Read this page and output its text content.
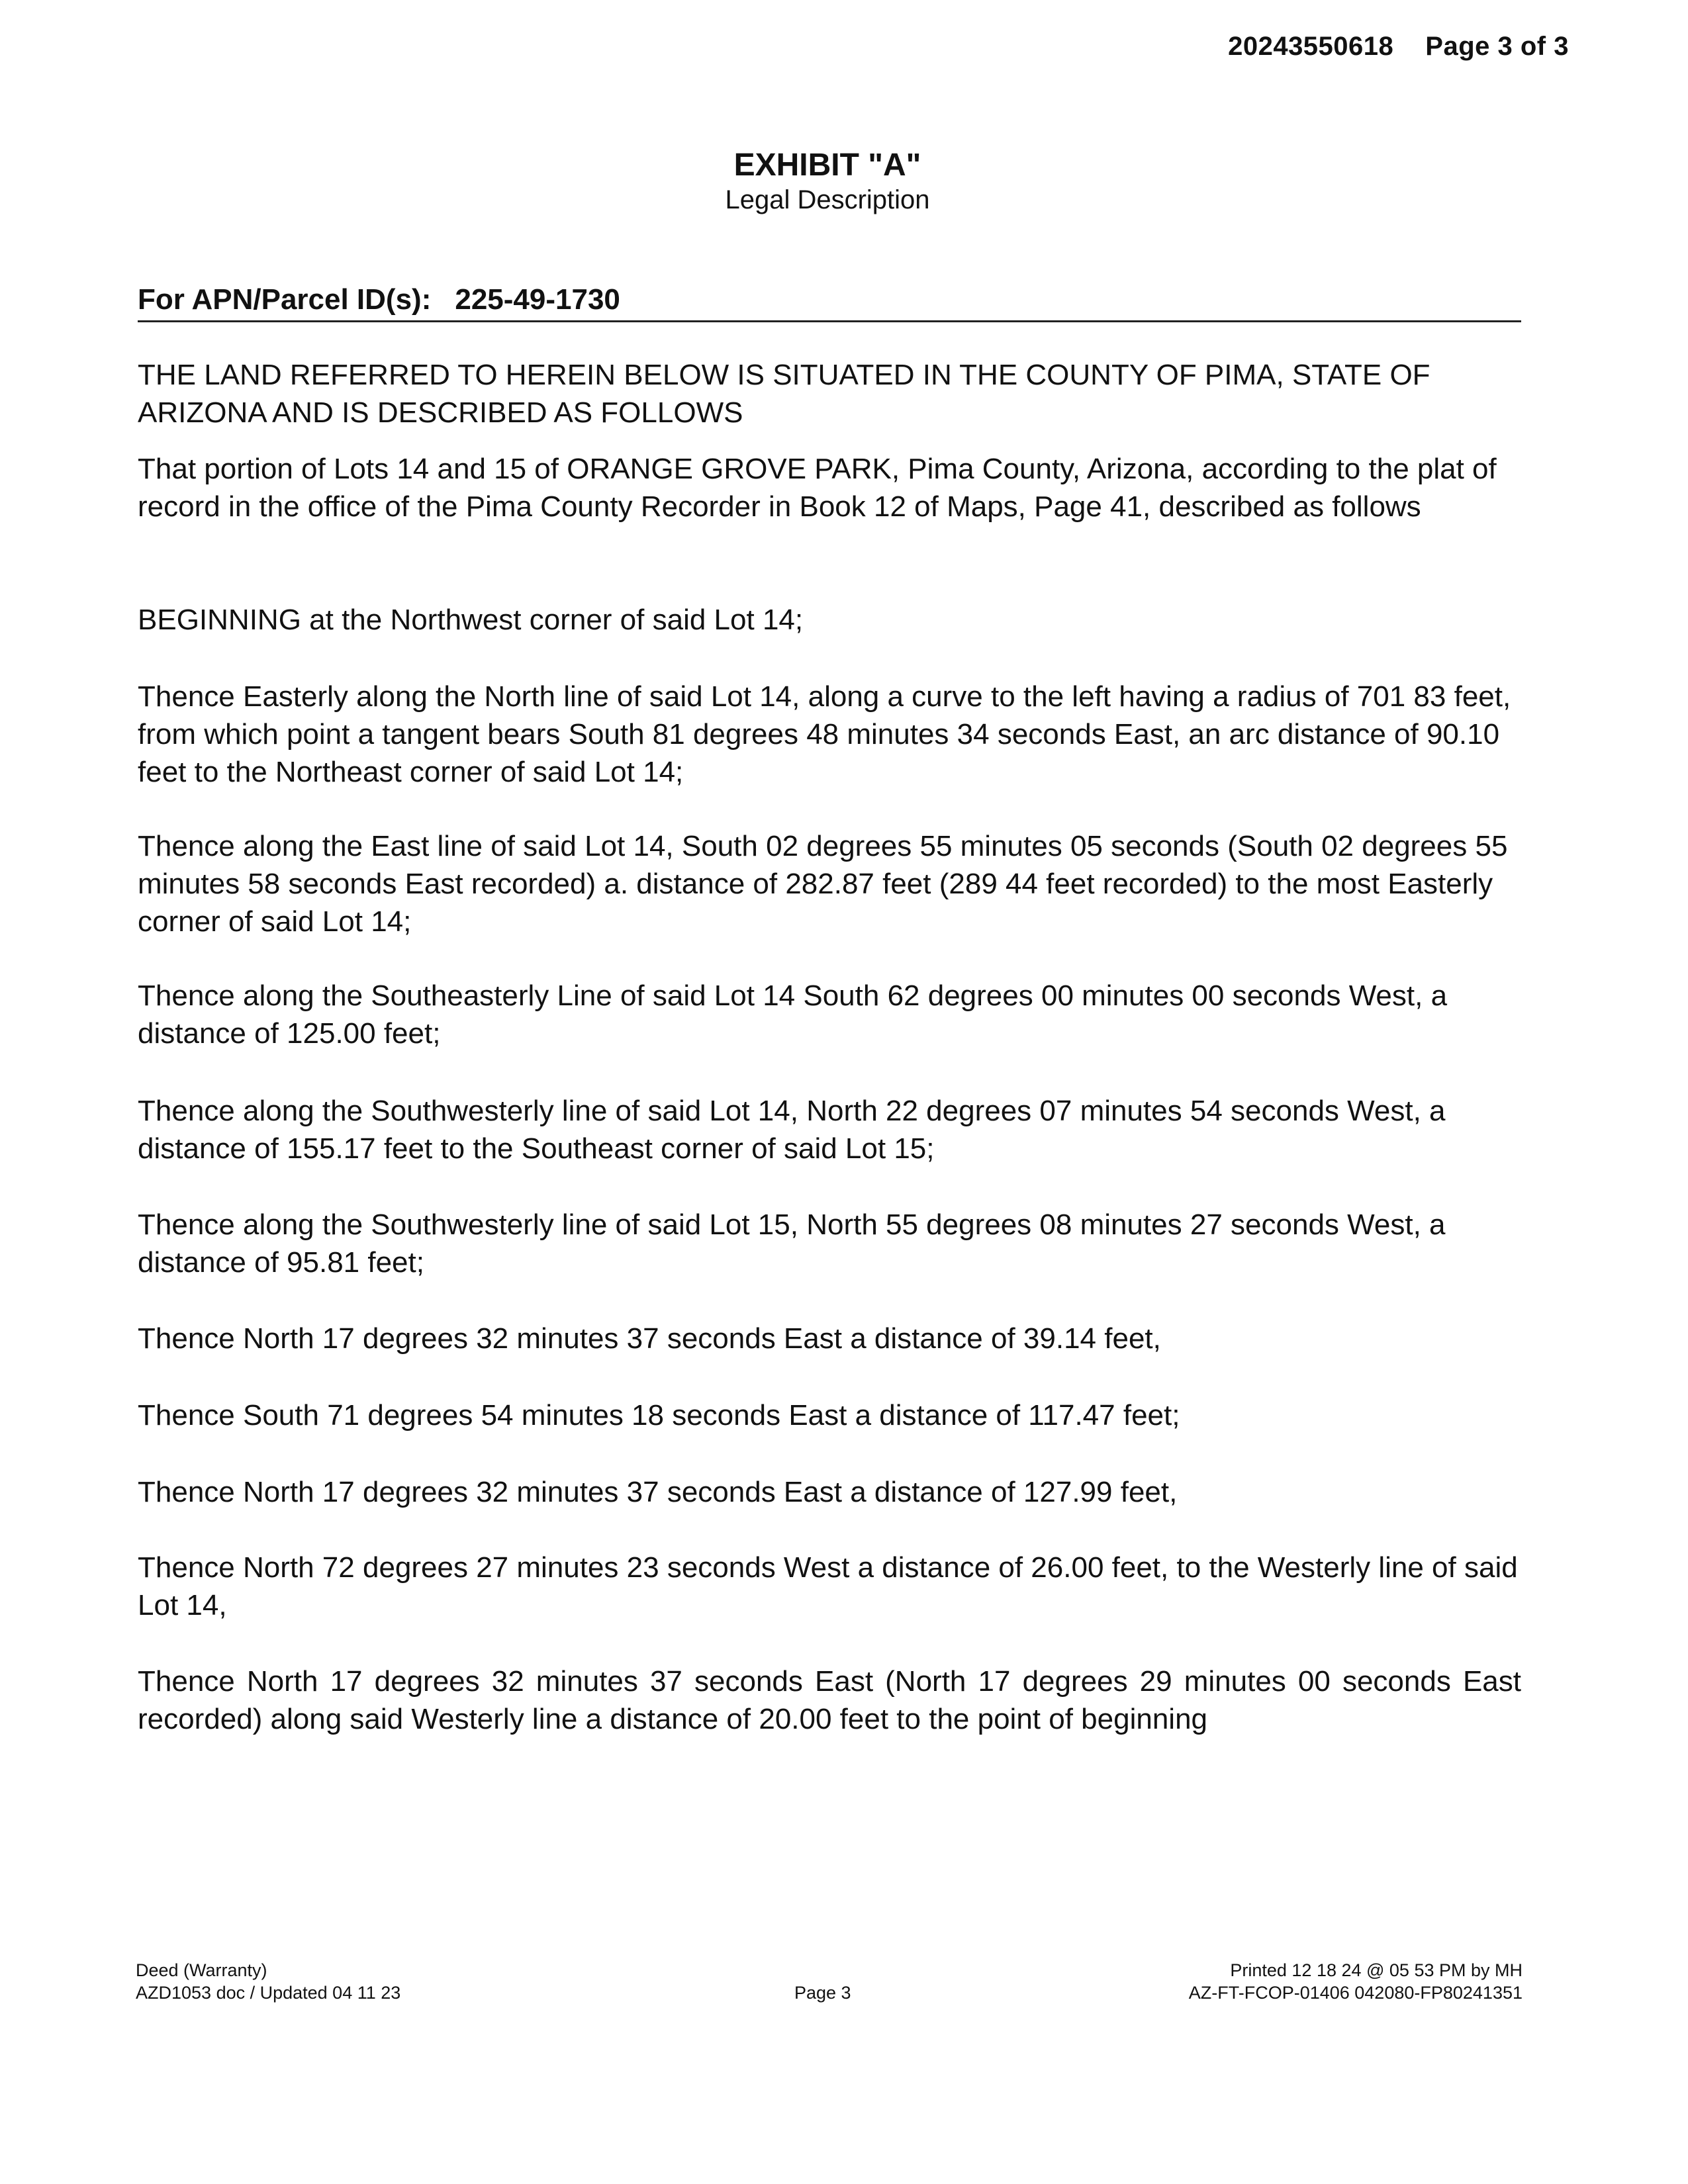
20243550618 Page 3 of 3
EXHIBIT "A"
Legal Description
For APN/Parcel ID(s): 225-49-1730

THE LAND REFERRED TO HEREIN BELOW IS SITUATED IN THE COUNTY OF PIMA, STATE OF ARIZONA AND IS DESCRIBED AS FOLLOWS

That portion of Lots 14 and 15 of ORANGE GROVE PARK, Pima County, Arizona, according to the plat of record in the office of the Pima County Recorder in Book 12 of Maps, Page 41, described as follows

BEGINNING at the Northwest corner of said Lot 14;

Thence Easterly along the North line of said Lot 14, along a curve to the left having a radius of 701 83 feet, from which point a tangent bears South 81 degrees 48 minutes 34 seconds East, an arc distance of 90.10 feet to the Northeast corner of said Lot 14;

Thence along the East line of said Lot 14, South 02 degrees 55 minutes 05 seconds (South 02 degrees 55 minutes 58 seconds East recorded) a. distance of 282.87 feet (289 44 feet recorded) to the most Easterly corner of said Lot 14;

Thence along the Southeasterly Line of said Lot 14 South 62 degrees 00 minutes 00 seconds West, a distance of 125.00 feet;

Thence along the Southwesterly line of said Lot 14, North 22 degrees 07 minutes 54 seconds West, a distance of 155.17 feet to the Southeast corner of said Lot 15;

Thence along the Southwesterly line of said Lot 15, North 55 degrees 08 minutes 27 seconds West, a distance of 95.81 feet;

Thence North 17 degrees 32 minutes 37 seconds East a distance of 39.14 feet,

Thence South 71 degrees 54 minutes 18 seconds East a distance of 117.47 feet;

Thence North 17 degrees 32 minutes 37 seconds East a distance of 127.99 feet,

Thence North 72 degrees 27 minutes 23 seconds West a distance of 26.00 feet, to the Westerly line of said Lot 14,

Thence North 17 degrees 32 minutes 37 seconds East (North 17 degrees 29 minutes 00 seconds East recorded) along said Westerly line a distance of 20.00 feet to the point of beginning

Deed (Warranty)
AZD1053 doc / Updated 04 11 23	Page 3
Printed 12 18 24 @ 05 53 PM by MH
AZ-FT-FCOP-01406 042080-FP80241351
